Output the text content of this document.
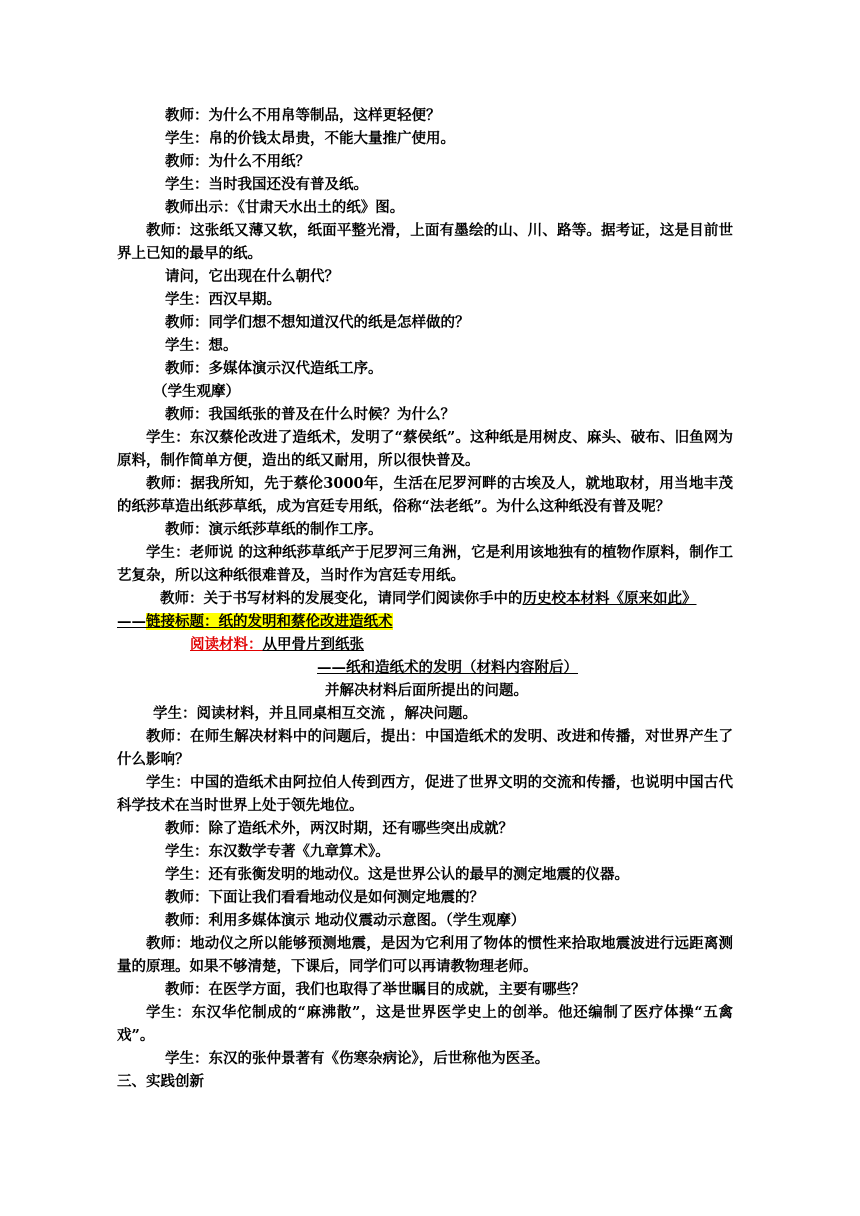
教师：为什么不用帛等制品，这样更轻便？

学生：帛的价钱太昂贵，不能大量推广使用。

教师：为什么不用纸？

学生：当时我国还没有普及纸。

教师出示：《甘肃天水出土的纸》图。

教师：这张纸又薄又软，纸面平整光滑，上面有墨绘的山、川、路等。据考证，这是目前世界上已知的最早的纸。

请问，它出现在什么朝代？

学生：西汉早期。

教师：同学们想不想知道汉代的纸是怎样做的？

学生：想。

教师：多媒体演示汉代造纸工序。

（学生观摩）

教师：我国纸张的普及在什么时候？为什么？

学生：东汉蔡伦改进了造纸术，发明了“蔡侯纸”。这种纸是用树皮、麻头、破布、旧鱼网为原料，制作简单方便，造出的纸又耐用，所以很快普及。

教师：据我所知，先于蔡伦3000年，生活在尼罗河畔的古埃及人，就地取材，用当地丰茂的纸莎草造出纸莎草纸，成为宫廷专用纸，俗称“法老纸”。为什么这种纸没有普及呢？

教师：演示纸莎草纸的制作工序。

学生：老师说 的这种纸莎草纸产于尼罗河三角洲，它是利用该地独有的植物作原料，制作工艺复杂，所以这种纸很难普及，当时作为宫廷专用纸。

教师：关于书写材料的发展变化，请同学们阅读你手中的历史校本材料《原来如此》

——链接标题：纸的发明和蔡伦改进造纸术

阅读材料：从甲骨片到纸张

——纸和造纸术的发明（材料内容附后）

并解决材料后面所提出的问题。

学生：阅读材料，并且同桌相互交流 ，解决问题。

教师：在师生解决材料中的问题后，提出：中国造纸术的发明、改进和传播，对世界产生了什么影响？

学生：中国的造纸术由阿拉伯人传到西方，促进了世界文明的交流和传播，也说明中国古代科学技术在当时世界上处于领先地位。

教师：除了造纸术外，两汉时期，还有哪些突出成就？

学生：东汉数学专著《九章算术》。

学生：还有张衡发明的地动仪。这是世界公认的最早的测定地震的仪器。

教师：下面让我们看看地动仪是如何测定地震的？

教师：利用多媒体演示 地动仪震动示意图。（学生观摩）

教师：地动仪之所以能够预测地震，是因为它利用了物体的惯性来拾取地震波进行远距离测量的原理。如果不够清楚，下课后，同学们可以再请教物理老师。

教师：在医学方面，我们也取得了举世瞩目的成就，主要有哪些？

学生：东汉华佗制成的“麻沸散”，这是世界医学史上的创举。他还编制了医疗体操“五禽戏”。

学生：东汉的张仲景著有《伤寒杂病论》，后世称他为医圣。

三、实践创新
